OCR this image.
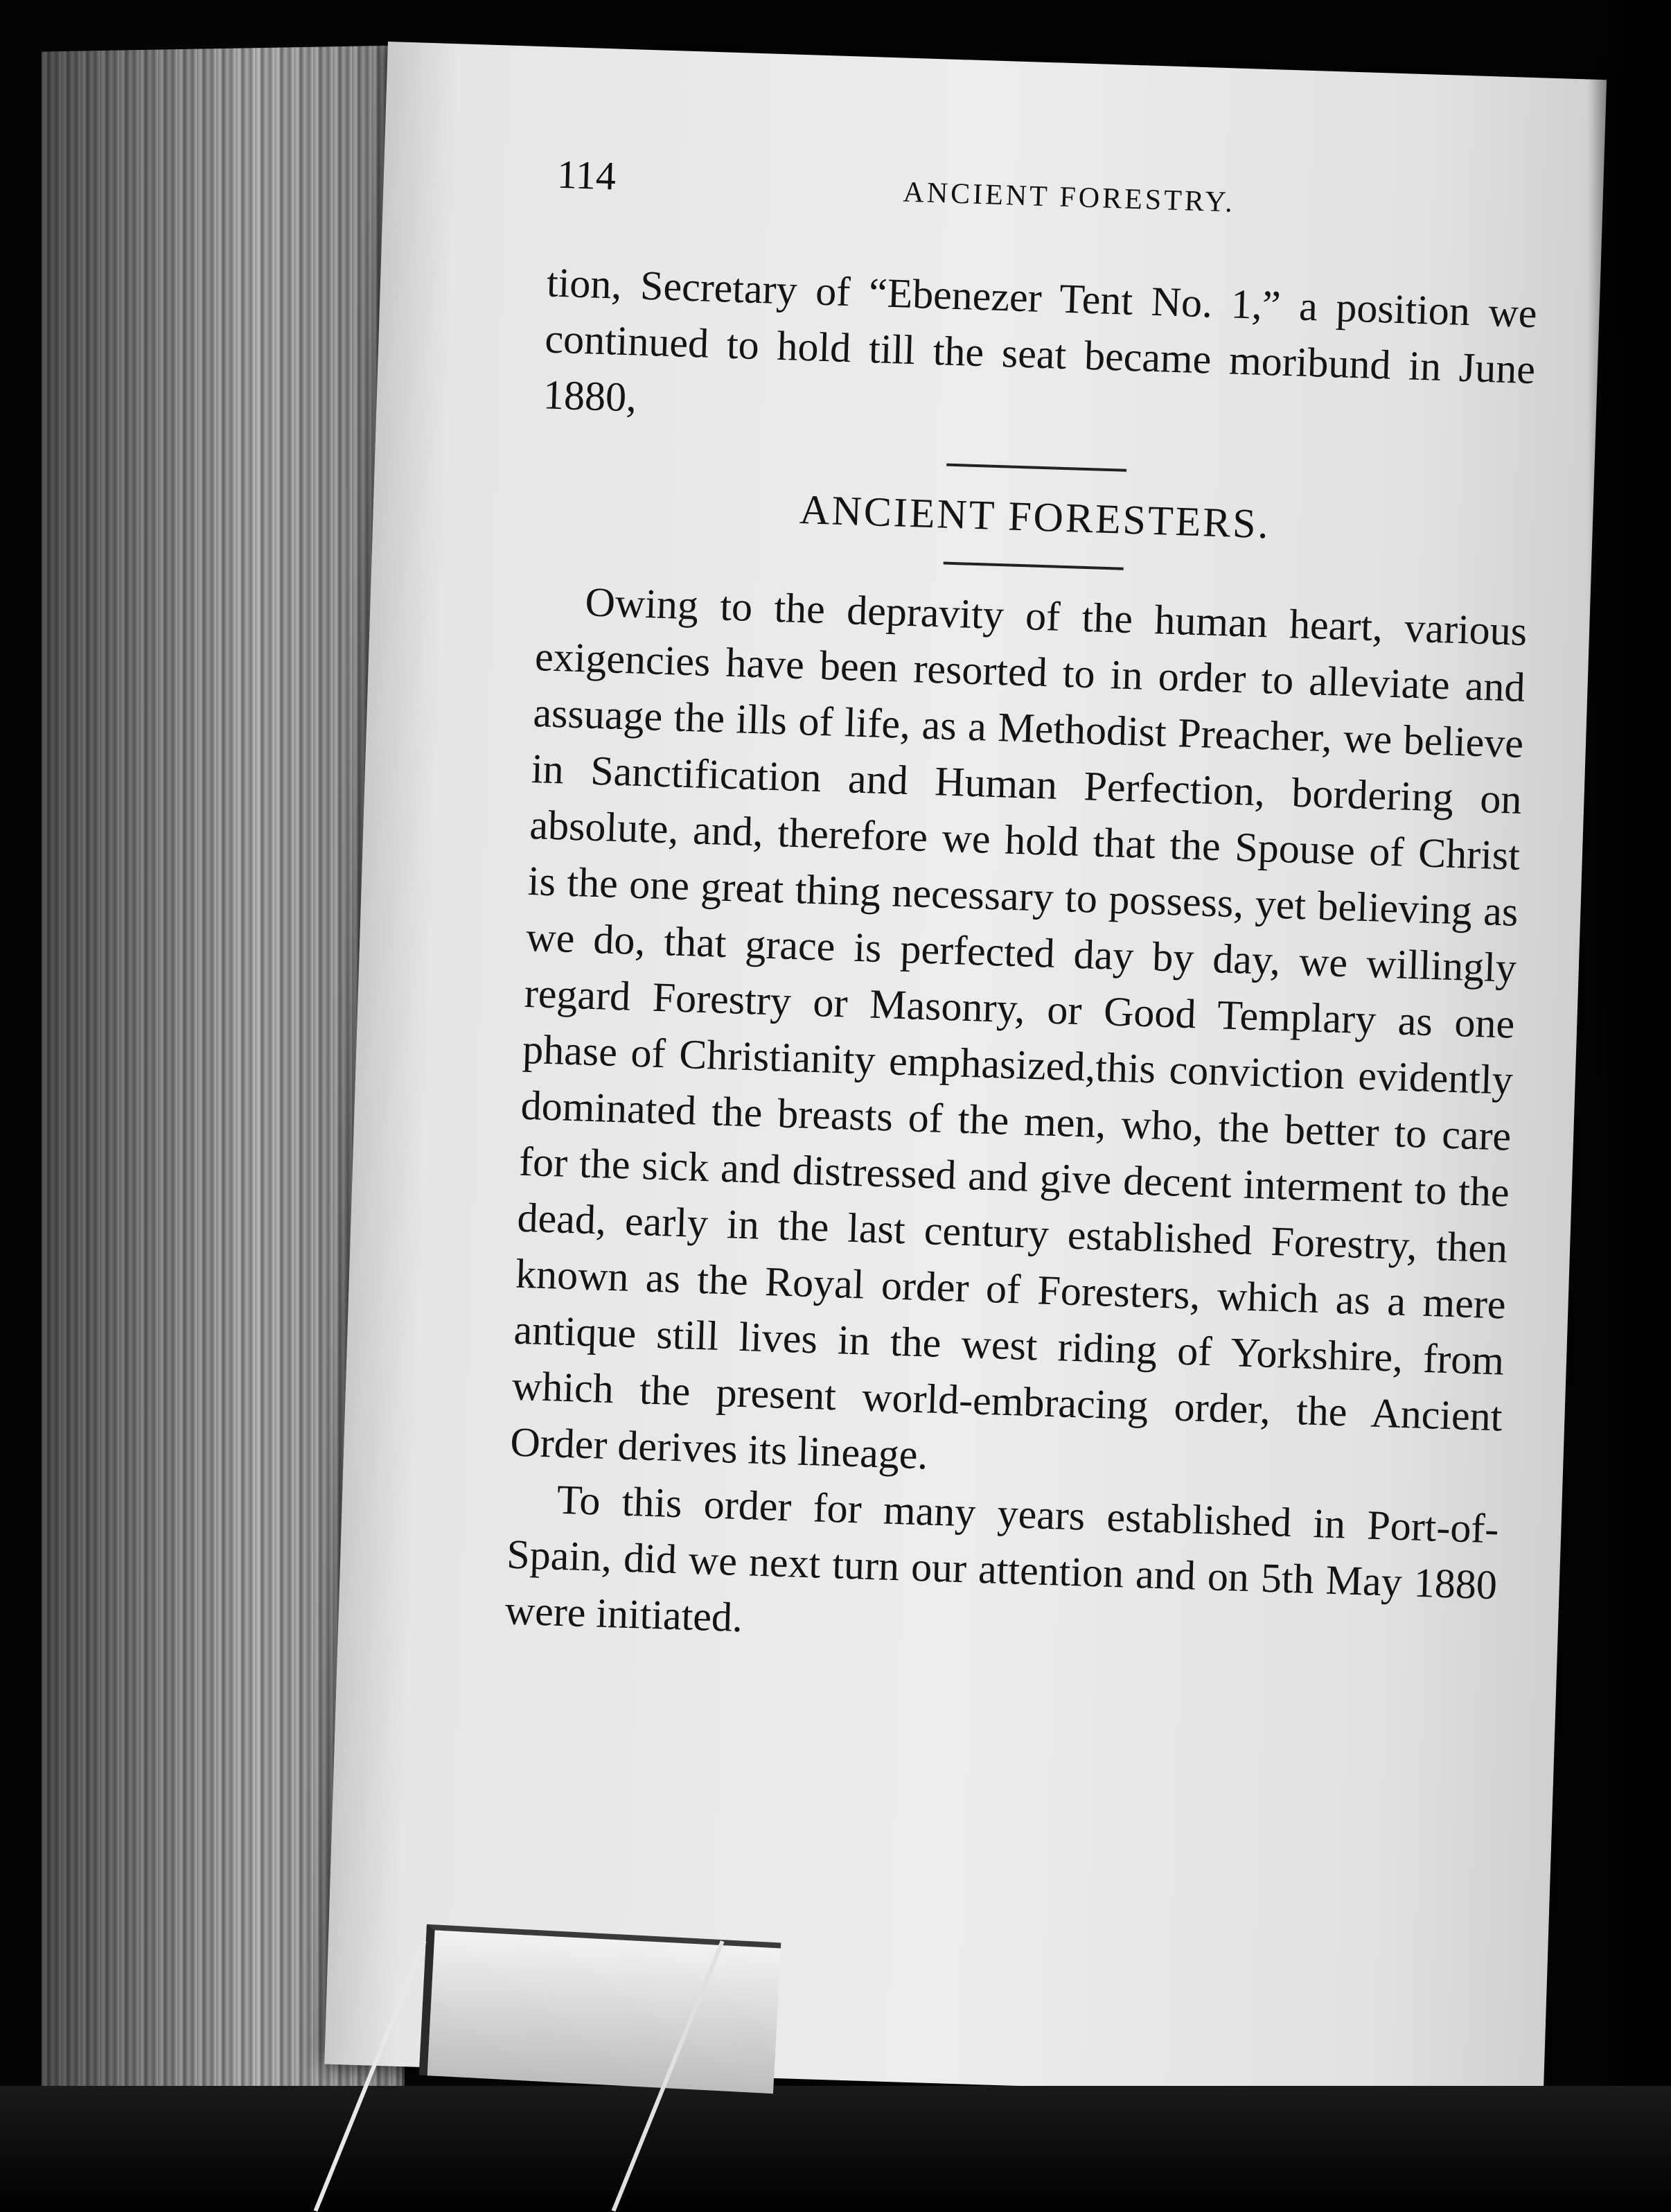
114	ANCIENT FORESTRY.

tion, Secretary of “Ebenezer Tent No. 1,” a position we continued to hold till the seat became moribund in June 1880,

ANCIENT FORESTERS.

Owing to the depravity of the human heart, various exigencies have been resorted to in order to alleviate and assuage the ills of life, as a Methodist Preacher, we believe in Sanctification and Human Perfection, bordering on absolute, and, therefore we hold that the Spouse of Christ is the one great thing necessary to possess, yet believing as we do, that grace is perfected day by day, we willingly regard Forestry or Masonry, or Good Templary as one phase of Christianity emphasized,this conviction evidently dominated the breasts of the men, who, the better to care for the sick and distressed and give decent interment to the dead, early in the last century established Forestry, then known as the Royal order of Foresters, which as a mere antique still lives in the west riding of Yorkshire, from which the present world-embracing order, the Ancient Order derives its lineage.

To this order for many years established in Port-of-Spain, did we next turn our attention and on 5th May 1880 were initiated.
